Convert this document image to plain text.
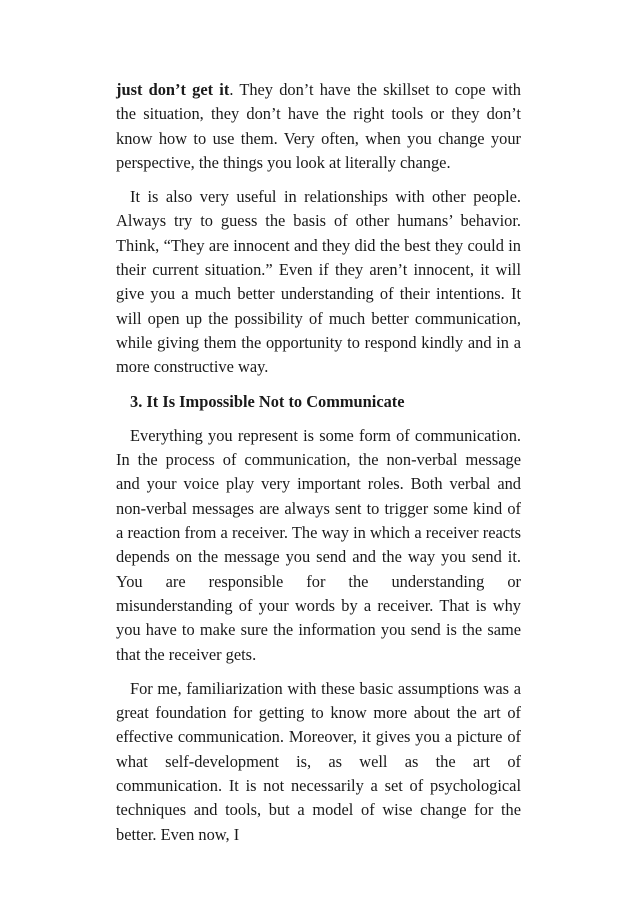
just don’t get it. They don’t have the skillset to cope with the situation, they don’t have the right tools or they don’t know how to use them. Very often, when you change your perspective, the things you look at literally change.

It is also very useful in relationships with other people. Always try to guess the basis of other humans’ behavior. Think, “They are innocent and they did the best they could in their current situation.” Even if they aren’t innocent, it will give you a much better understanding of their intentions. It will open up the possibility of much better communication, while giving them the opportunity to respond kindly and in a more constructive way.

3. It Is Impossible Not to Communicate

Everything you represent is some form of communication. In the process of communication, the non-verbal message and your voice play very important roles. Both verbal and non-verbal messages are always sent to trigger some kind of a reaction from a receiver. The way in which a receiver reacts depends on the message you send and the way you send it. You are responsible for the understanding or misunderstanding of your words by a receiver. That is why you have to make sure the information you send is the same that the receiver gets.

For me, familiarization with these basic assumptions was a great foundation for getting to know more about the art of effective communication. Moreover, it gives you a picture of what self-development is, as well as the art of communication. It is not necessarily a set of psychological techniques and tools, but a model of wise change for the better. Even now, I
